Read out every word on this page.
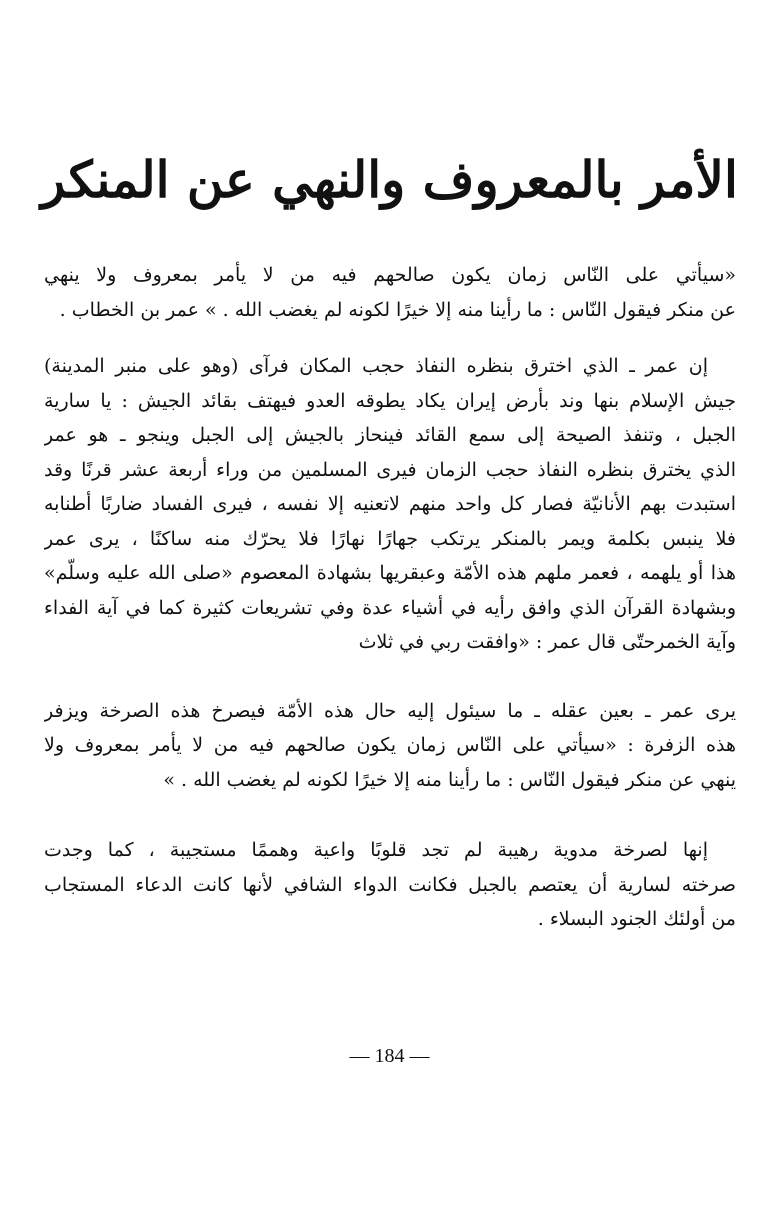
الأمر بالمعروف والنهي عن المنكر
«سيأتي على النّاس زمان يكون صالحهم فيه من لا يأمر بمعروف ولا ينهي
عن منكر فيقول النّاس : ما رأينا منه إلا خيرًا لكونه لم يغضب الله . » عمر بن الخطاب .
إن عمر ـ الذي اخترق بنظره النفاذ حجب المكان فرآى (وهو على منبر المدينة)
جيش الإسلام بنها وند بأرض إيران يكاد يطوقه العدو فيهتف بقائد الجيش : يا سارية
الجبل ، وتنفذ الصيحة إلى سمع القائد فينحاز بالجيش إلى الجبل وينجو ـ هو عمر
الذي يخترق بنظره النفاذ حجب الزمان فيرى المسلمين من وراء أربعة عشر قرنًا وقد
استبدت بهم الأنانيّة فصار كل واحد منهم لاتعنيه إلا نفسه ، فيرى الفساد ضاربًا أطنابه
فلا ينبس بكلمة ويمر بالمنكر يرتكب جهارًا نهارًا فلا يحرّك منه ساكنًا ، يرى عمر
هذا أو يلهمه ، فعمر ملهم هذه الأمّة وعبقريها بشهادة المعصوم «صلى الله عليه وسلّم»
وبشهادة القرآن الذي وافق رأيه في أشياء عدة وفي تشريعات كثيرة كما في آية الفداء
وآية الخمرحتّى قال عمر : «وافقت ربي في ثلاث
يرى عمر ـ بعين عقله ـ ما سيئول إليه حال هذه الأمّة فيصرخ هذه الصرخة ويزفر
هذه الزفرة : «سيأتي على النّاس زمان يكون صالحهم فيه من لا يأمر بمعروف ولا
ينهي عن منكر فيقول النّاس : ما رأينا منه إلا خيرًا لكونه لم يغضب الله . »
إنها لصرخة مدوية رهيبة لم تجد قلوبًا واعية وهممًا مستجيبة ، كما وجدت
صرخته لسارية أن يعتصم بالجبل فكانت الدواء الشافي لأنها كانت الدعاء المستجاب
من أولئك الجنود البسلاء .
— 184 —
